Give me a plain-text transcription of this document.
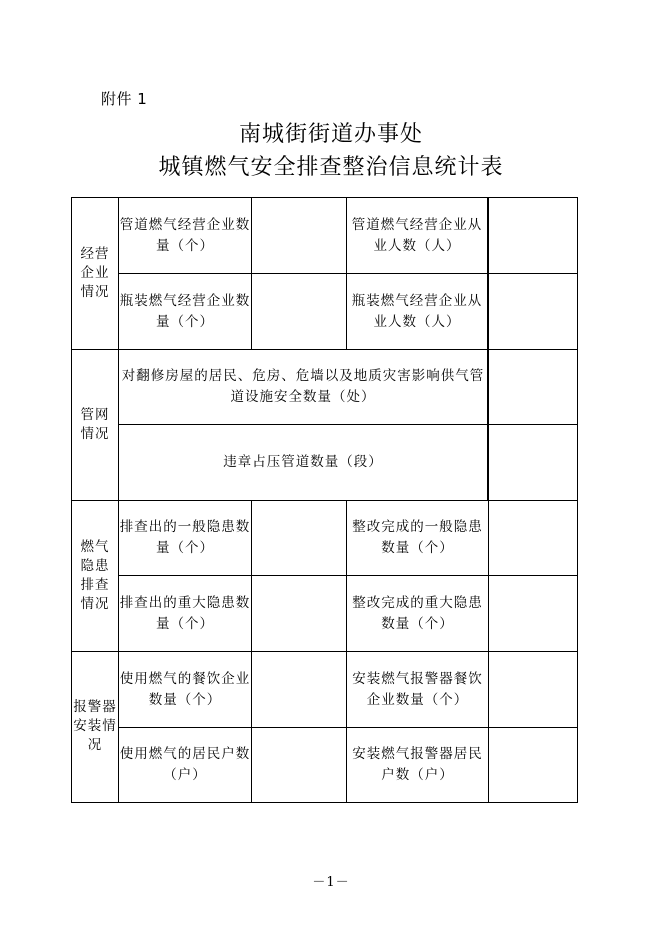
附件 1
南城街街道办事处
城镇燃气安全排查整治信息统计表
经营企业情况
管道燃气经营企业数量（个）
管道燃气经营企业从业人数（人）
瓶装燃气经营企业数量（个）
瓶装燃气经营企业从业人数（人）
管网情况
对翻修房屋的居民、危房、危墙以及地质灾害影响供气管道设施安全数量（处）
违章占压管道数量（段）
燃气隐患排查情况
排查出的一般隐患数量（个）
整改完成的一般隐患数量（个）
排查出的重大隐患数量（个）
整改完成的重大隐患数量（个）
报警器安装情况
使用燃气的餐饮企业数量（个）
安装燃气报警器餐饮企业数量（个）
使用燃气的居民户数（户）
安装燃气报警器居民户数（户）
－1－
